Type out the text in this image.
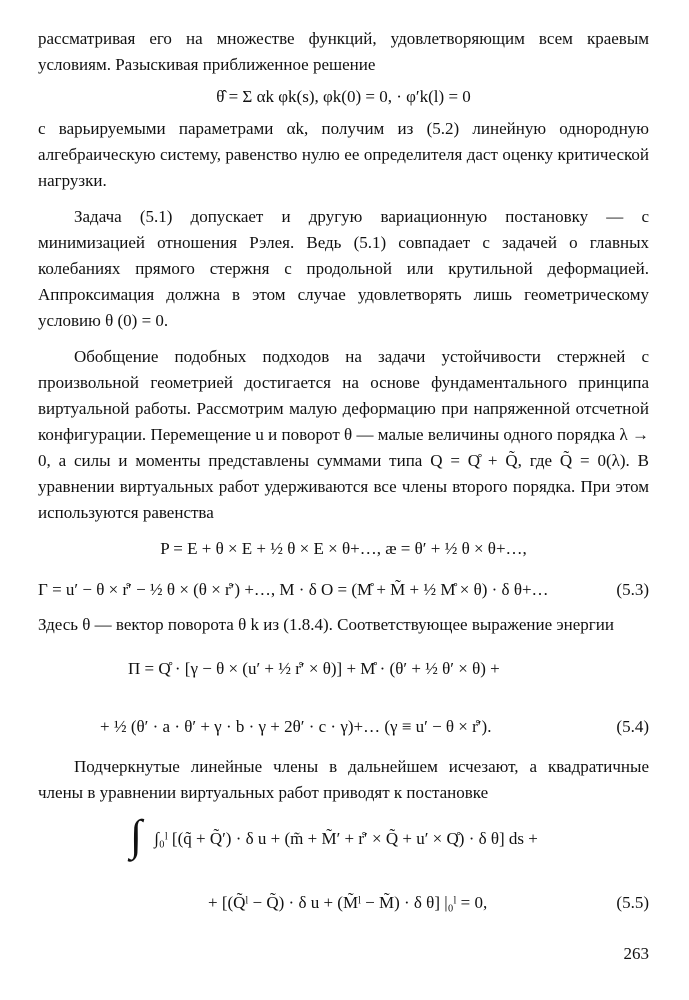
рассматривая его на множестве функций, удовлетворяющим всем краевым условиям. Разыскивая приближенное решение

θ̂ = Σ αk φk(s), φk(0) = 0, · φ′k(l) = 0

с варьируемыми параметрами αk, получим из (5.2) линейную однородную алгебраическую систему, равенство нулю ее определителя даст оценку критической нагрузки.

Задача (5.1) допускает и другую вариационную постановку — с минимизацией отношения Рэлея. Ведь (5.1) совпадает с задачей о главных колебаниях прямого стержня с продольной или крутильной деформацией. Аппроксимация должна в этом случае удовлетворять лишь геометрическому условию θ (0) = 0.

Обобщение подобных подходов на задачи устойчивости стержней с произвольной геометрией достигается на основе фундаментального принципа виртуальной работы. Рассмотрим малую деформацию при напряженной отсчетной конфигурации. Перемещение u и поворот θ — малые величины одного порядка λ → 0, а силы и моменты представлены суммами типа Q = Q̊ + Q̃, где Q̃ = 0(λ). В уравнении виртуальных работ удерживаются все члены второго порядка. При этом используются равенства

P = E + θ × E + ½ θ × E × θ+…, æ = θ′ + ½ θ × θ+…,
Γ = u′ − θ × r̊′ − ½ θ × (θ × r̊′) +…, M · δ O = (M̊ + M̃ + ½ M̊ × θ) · δ θ+…	(5.3)

Здесь θ — вектор поворота θ k из (1.8.4). Соответствующее выражение энергии

Π = Q̊ · [γ − θ × (u′ + ½ r̊′ × θ)] + M̊ · (θ′ + ½ θ′ × θ) +
+ ½ (θ′ · a · θ′ + γ · b · γ + 2θ′ · c · γ)+… (γ ≡ u′ − θ × r̊′).	(5.4)

Подчеркнутые линейные члены в дальнейшем исчезают, а квадратичные члены в уравнении виртуальных работ приводят к постановке

∫ ∫₀ˡ [(q̃ + Q̃′) · δ u + (m̃ + M̃′ + r̊′ × Q̃ + u′ × Q̊) · δ θ] ds +
+ [(Q̃ˡ − Q̃) · δ u + (M̃ˡ − M̃) · δ θ] |₀ˡ = 0,	(5.5)
263
